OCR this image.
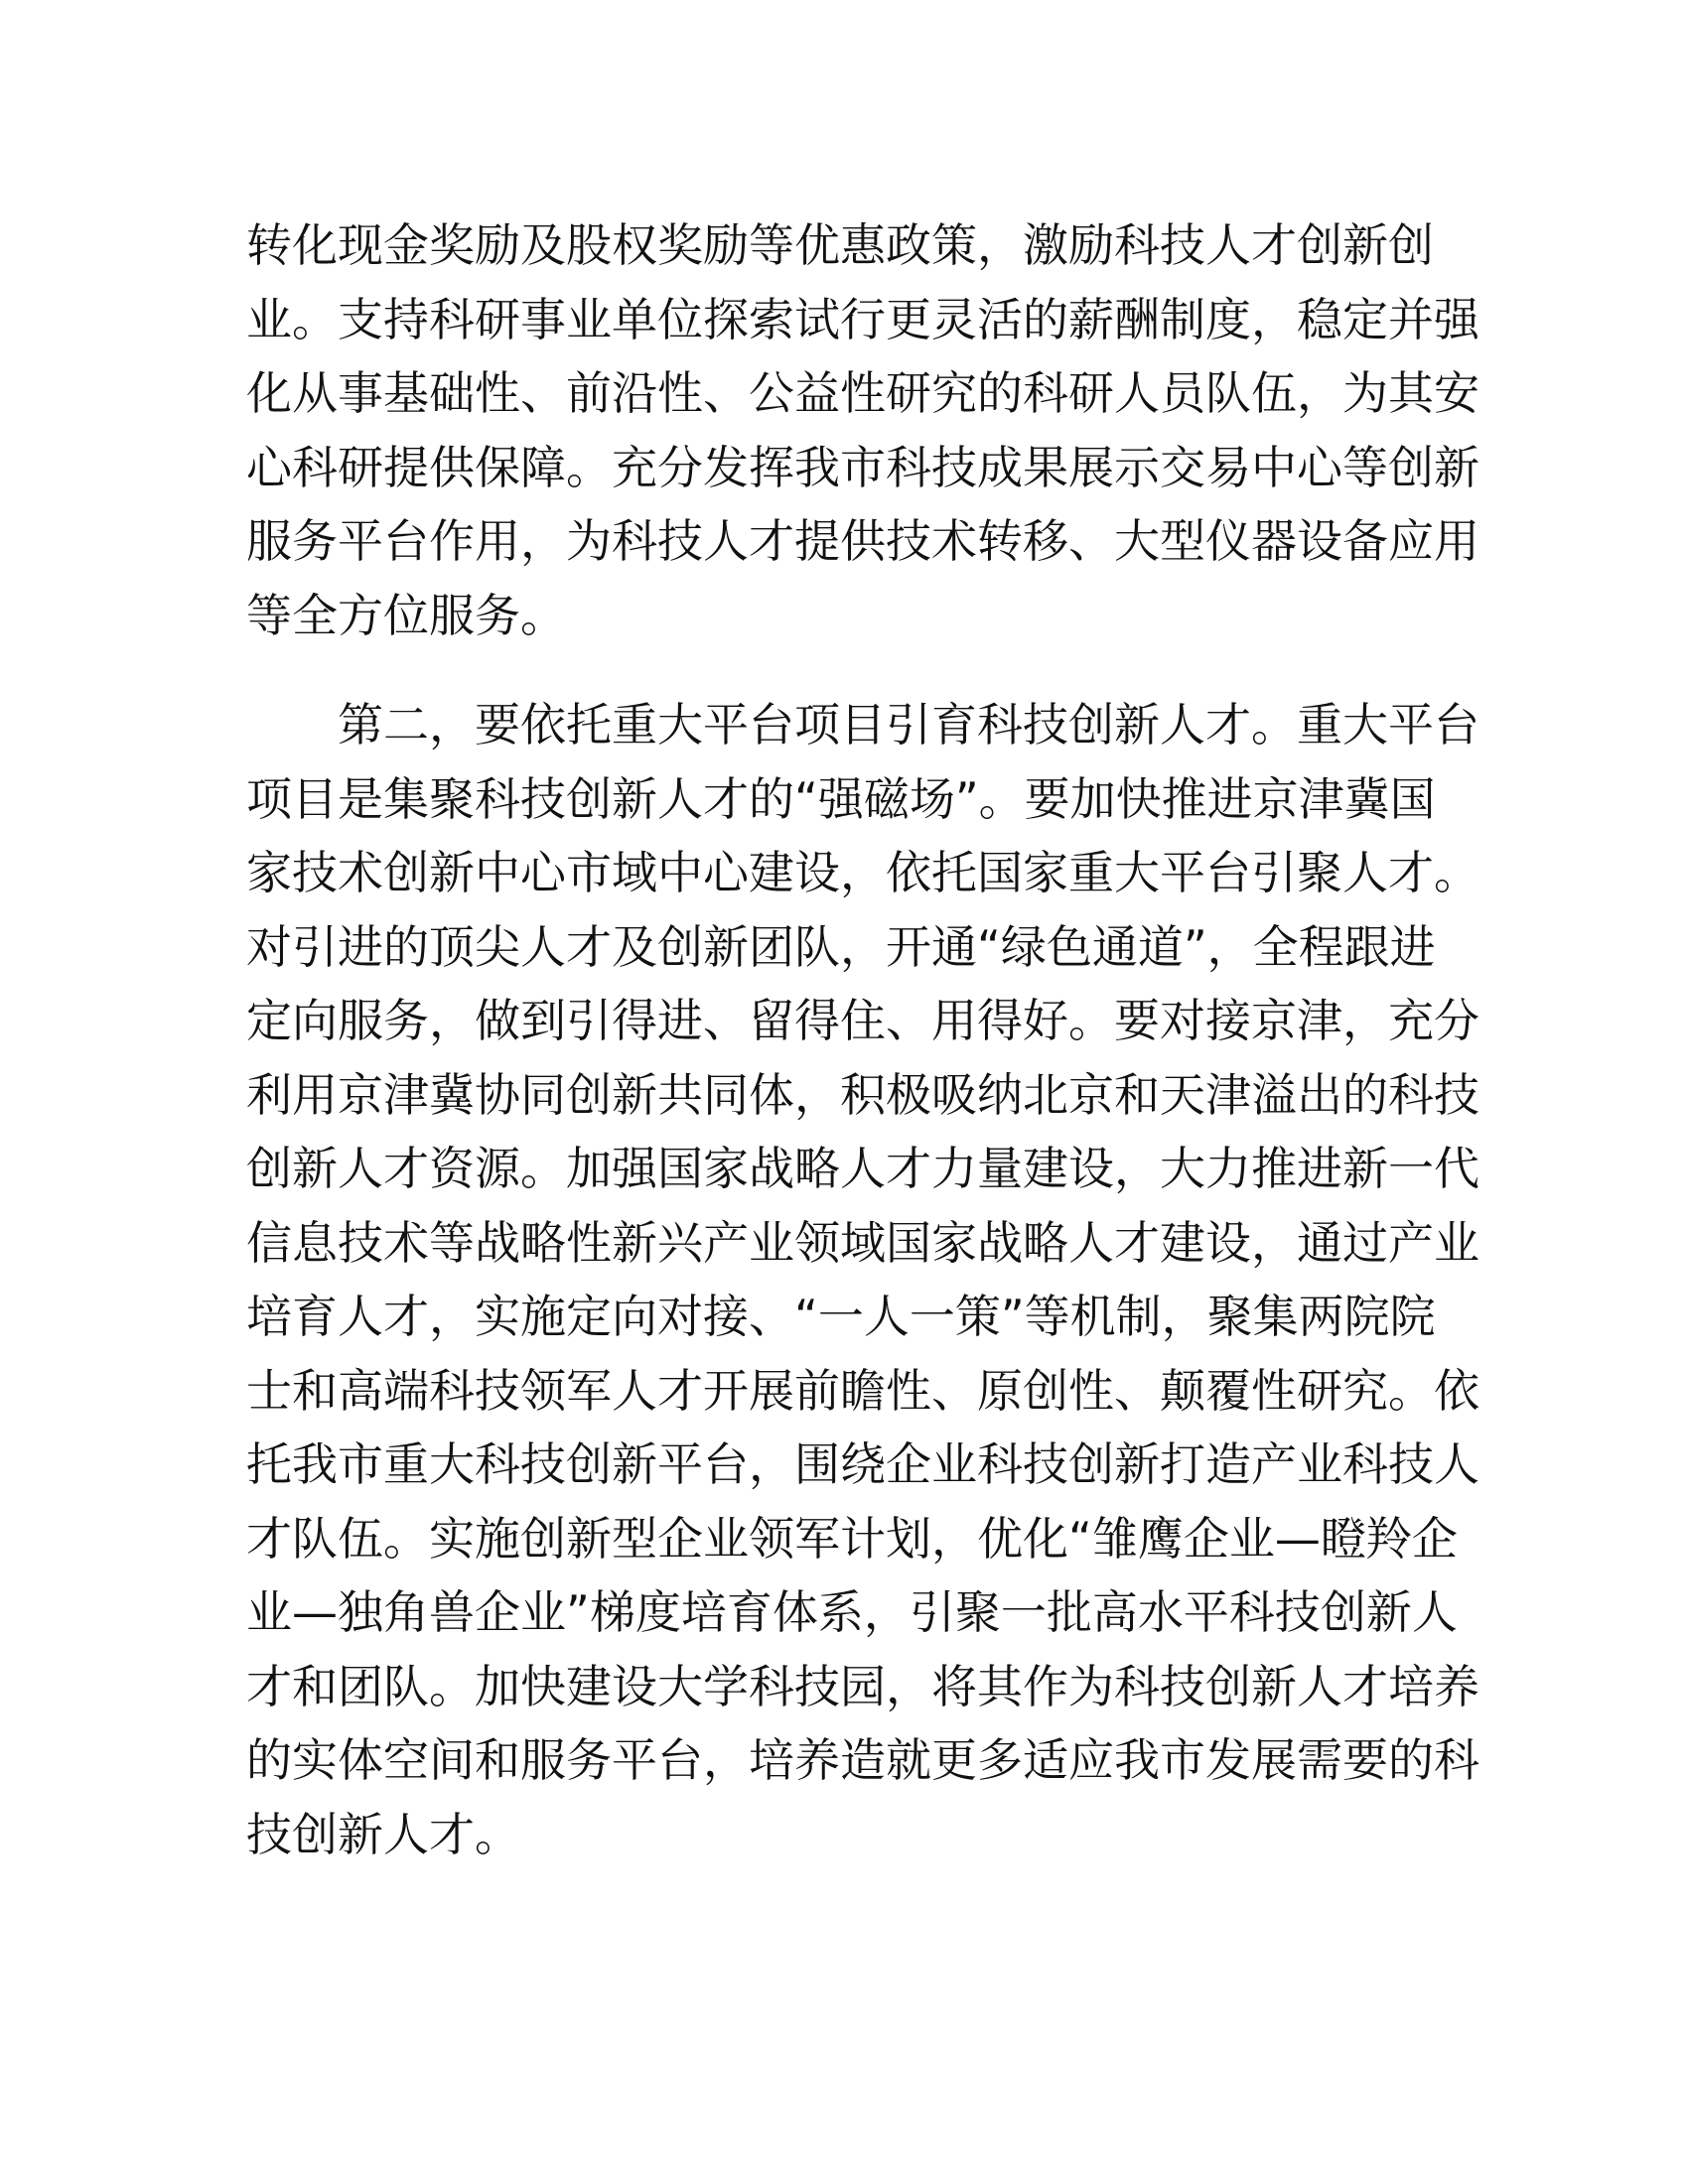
转化现金奖励及股权奖励等优惠政策，激励科技人才创新创
业。支持科研事业单位探索试行更灵活的薪酬制度，稳定并强
化从事基础性、前沿性、公益性研究的科研人员队伍，为其安
心科研提供保障。充分发挥我市科技成果展示交易中心等创新
服务平台作用，为科技人才提供技术转移、大型仪器设备应用
等全方位服务。
第二，要依托重大平台项目引育科技创新人才。重大平台
项目是集聚科技创新人才的“强磁场”。要加快推进京津冀国
家技术创新中心市域中心建设，依托国家重大平台引聚人才。
对引进的顶尖人才及创新团队，开通“绿色通道”，全程跟进
定向服务，做到引得进、留得住、用得好。要对接京津，充分
利用京津冀协同创新共同体，积极吸纳北京和天津溢出的科技
创新人才资源。加强国家战略人才力量建设，大力推进新一代
信息技术等战略性新兴产业领域国家战略人才建设，通过产业
培育人才，实施定向对接、“一人一策”等机制，聚集两院院
士和高端科技领军人才开展前瞻性、原创性、颠覆性研究。依
托我市重大科技创新平台，围绕企业科技创新打造产业科技人
才队伍。实施创新型企业领军计划，优化“雏鹰企业—瞪羚企
业—独角兽企业”梯度培育体系，引聚一批高水平科技创新人
才和团队。加快建设大学科技园，将其作为科技创新人才培养
的实体空间和服务平台，培养造就更多适应我市发展需要的科
技创新人才。
